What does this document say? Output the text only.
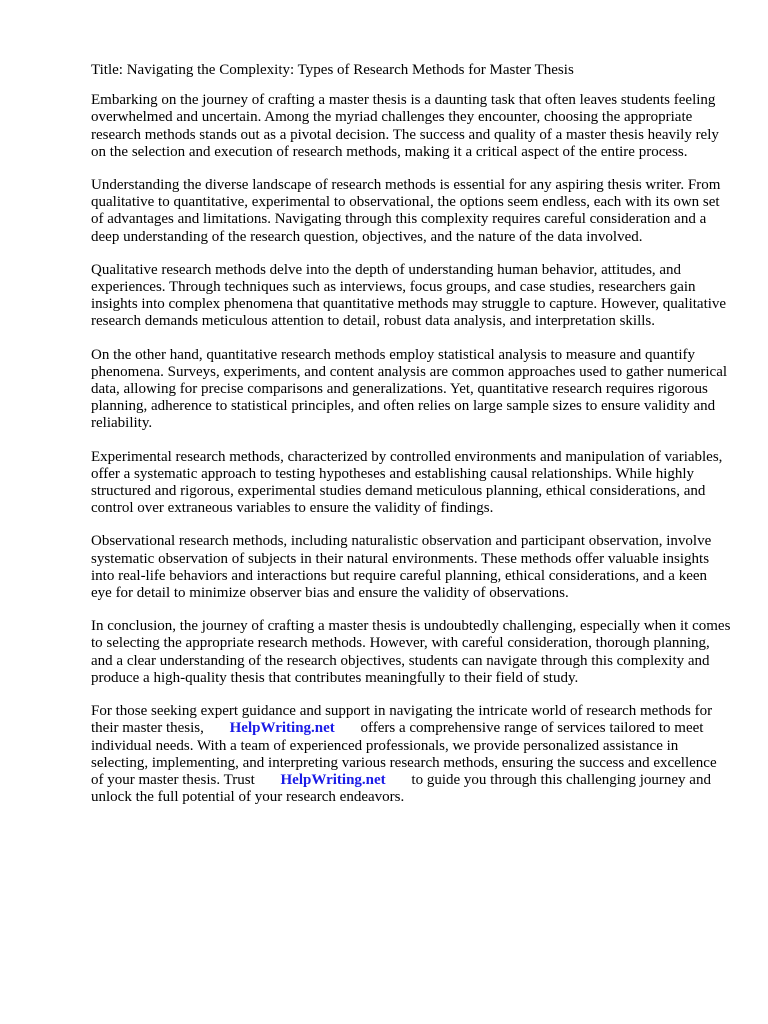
Title: Navigating the Complexity: Types of Research Methods for Master Thesis

Embarking on the journey of crafting a master thesis is a daunting task that often leaves students feeling overwhelmed and uncertain. Among the myriad challenges they encounter, choosing the appropriate research methods stands out as a pivotal decision. The success and quality of a master thesis heavily rely on the selection and execution of research methods, making it a critical aspect of the entire process.

Understanding the diverse landscape of research methods is essential for any aspiring thesis writer. From qualitative to quantitative, experimental to observational, the options seem endless, each with its own set of advantages and limitations. Navigating through this complexity requires careful consideration and a deep understanding of the research question, objectives, and the nature of the data involved.

Qualitative research methods delve into the depth of understanding human behavior, attitudes, and experiences. Through techniques such as interviews, focus groups, and case studies, researchers gain insights into complex phenomena that quantitative methods may struggle to capture. However, qualitative research demands meticulous attention to detail, robust data analysis, and interpretation skills.

On the other hand, quantitative research methods employ statistical analysis to measure and quantify phenomena. Surveys, experiments, and content analysis are common approaches used to gather numerical data, allowing for precise comparisons and generalizations. Yet, quantitative research requires rigorous planning, adherence to statistical principles, and often relies on large sample sizes to ensure validity and reliability.

Experimental research methods, characterized by controlled environments and manipulation of variables, offer a systematic approach to testing hypotheses and establishing causal relationships. While highly structured and rigorous, experimental studies demand meticulous planning, ethical considerations, and control over extraneous variables to ensure the validity of findings.

Observational research methods, including naturalistic observation and participant observation, involve systematic observation of subjects in their natural environments. These methods offer valuable insights into real-life behaviors and interactions but require careful planning, ethical considerations, and a keen eye for detail to minimize observer bias and ensure the validity of observations.

In conclusion, the journey of crafting a master thesis is undoubtedly challenging, especially when it comes to selecting the appropriate research methods. However, with careful consideration, thorough planning, and a clear understanding of the research objectives, students can navigate through this complexity and produce a high-quality thesis that contributes meaningfully to their field of study.

For those seeking expert guidance and support in navigating the intricate world of research methods for their master thesis, HelpWriting.net offers a comprehensive range of services tailored to meet individual needs. With a team of experienced professionals, we provide personalized assistance in selecting, implementing, and interpreting various research methods, ensuring the success and excellence of your master thesis. Trust HelpWriting.net to guide you through this challenging journey and unlock the full potential of your research endeavors.
